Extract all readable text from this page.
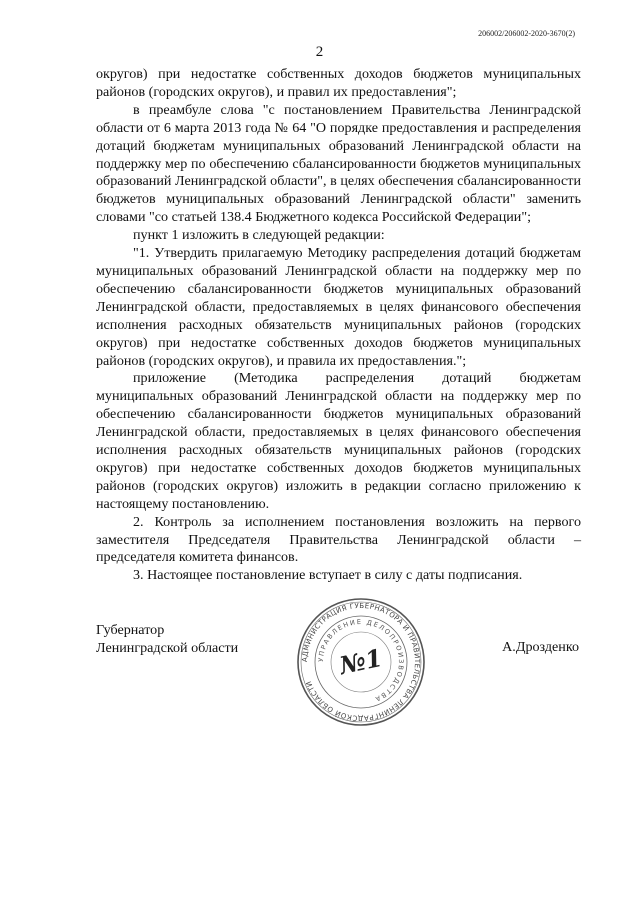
206002/206002-2020-3670(2)
2

округов) при недостатке собственных доходов бюджетов муниципальных районов (городских округов), и правил их предоставления";

в преамбуле слова "с постановлением Правительства Ленинградской области от 6 марта 2013 года № 64 "О порядке предоставления и распределения дотаций бюджетам муниципальных образований Ленинградской области на поддержку мер по обеспечению сбалансированности бюджетов муниципальных образований Ленинградской области", в целях обеспечения сбалансированности бюджетов муниципальных образований Ленинградской области" заменить словами "со статьей 138.4 Бюджетного кодекса Российской Федерации";

пункт 1 изложить в следующей редакции:

"1. Утвердить прилагаемую Методику распределения дотаций бюджетам муниципальных образований Ленинградской области на поддержку мер по обеспечению сбалансированности бюджетов муниципальных образований Ленинградской области, предоставляемых в целях финансового обеспечения исполнения расходных обязательств муниципальных районов (городских округов) при недостатке собственных доходов бюджетов муниципальных районов (городских округов), и правила их предоставления.";

приложение (Методика распределения дотаций бюджетам муниципальных образований Ленинградской области на поддержку мер по обеспечению сбалансированности бюджетов муниципальных образований Ленинградской области, предоставляемых в целях финансового обеспечения исполнения расходных обязательств муниципальных районов (городских округов) при недостатке собственных доходов бюджетов муниципальных районов (городских округов) изложить в редакции согласно приложению к настоящему постановлению.

2. Контроль за исполнением постановления возложить на первого заместителя Председателя Правительства Ленинградской области – председателя комитета финансов.

3. Настоящее постановление вступает в силу с даты подписания.

Губернатор
Ленинградской области	А.Дрозденко
АДМИНИСТРАЦИЯ ГУБЕРНАТОРА И ПРАВИТЕЛЬСТВА ЛЕНИНГРАДСКОЙ ОБЛАСТИ
УПРАВЛЕНИЕ ДЕЛОПРОИЗВОДСТВА
№1
